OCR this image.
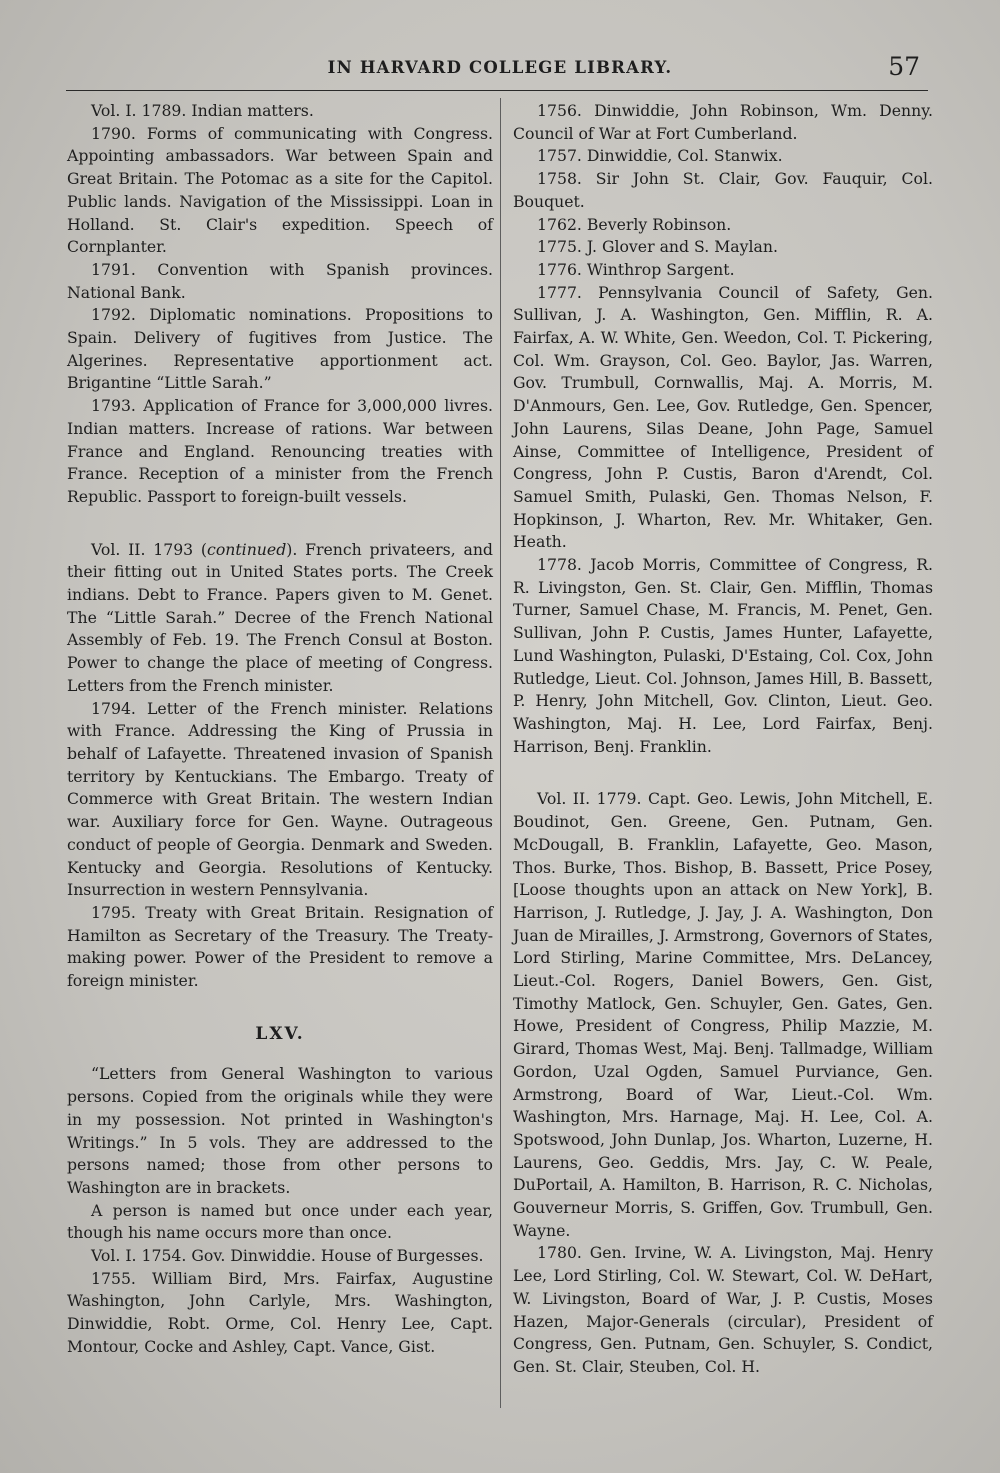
IN HARVARD COLLEGE LIBRARY.	57

Vol. I. 1789. Indian matters.

1790. Forms of communicating with Congress. Appointing ambassadors. War between Spain and Great Britain. The Potomac as a site for the Capitol. Public lands. Navigation of the Mississippi. Loan in Holland. St. Clair's expedition. Speech of Cornplanter.

1791. Convention with Spanish provinces. National Bank.

1792. Diplomatic nominations. Propositions to Spain. Delivery of fugitives from Justice. The Algerines. Representative apportionment act. Brigantine “Little Sarah.”

1793. Application of France for 3,000,000 livres. Indian matters. Increase of rations. War between France and England. Renouncing treaties with France. Reception of a minister from the French Republic. Passport to foreign-built vessels.

Vol. II. 1793 (continued). French privateers, and their fitting out in United States ports. The Creek indians. Debt to France. Papers given to M. Genet. The “Little Sarah.” Decree of the French National Assembly of Feb. 19. The French Consul at Boston. Power to change the place of meeting of Congress. Letters from the French minister.

1794. Letter of the French minister. Relations with France. Addressing the King of Prussia in behalf of Lafayette. Threatened invasion of Spanish territory by Kentuckians. The Embargo. Treaty of Commerce with Great Britain. The western Indian war. Auxiliary force for Gen. Wayne. Outrageous conduct of people of Georgia. Denmark and Sweden. Kentucky and Georgia. Resolutions of Kentucky. Insurrection in western Pennsylvania.

1795. Treaty with Great Britain. Resignation of Hamilton as Secretary of the Treasury. The Treaty-making power. Power of the President to remove a foreign minister.

LXV.

“Letters from General Washington to various persons. Copied from the originals while they were in my possession. Not printed in Washington's Writings.” In 5 vols. They are addressed to the persons named; those from other persons to Washington are in brackets.

A person is named but once under each year, though his name occurs more than once.

Vol. I. 1754. Gov. Dinwiddie. House of Burgesses.

1755. William Bird, Mrs. Fairfax, Augustine Washington, John Carlyle, Mrs. Washington, Dinwiddie, Robt. Orme, Col. Henry Lee, Capt. Montour, Cocke and Ashley, Capt. Vance, Gist.

1756. Dinwiddie, John Robinson, Wm. Denny. Council of War at Fort Cumberland.

1757. Dinwiddie, Col. Stanwix.

1758. Sir John St. Clair, Gov. Fauquir, Col. Bouquet.

1762. Beverly Robinson.

1775. J. Glover and S. Maylan.

1776. Winthrop Sargent.

1777. Pennsylvania Council of Safety, Gen. Sullivan, J. A. Washington, Gen. Mifflin, R. A. Fairfax, A. W. White, Gen. Weedon, Col. T. Pickering, Col. Wm. Grayson, Col. Geo. Baylor, Jas. Warren, Gov. Trumbull, Cornwallis, Maj. A. Morris, M. D'Anmours, Gen. Lee, Gov. Rutledge, Gen. Spencer, John Laurens, Silas Deane, John Page, Samuel Ainse, Committee of Intelligence, President of Congress, John P. Custis, Baron d'Arendt, Col. Samuel Smith, Pulaski, Gen. Thomas Nelson, F. Hopkinson, J. Wharton, Rev. Mr. Whitaker, Gen. Heath.

1778. Jacob Morris, Committee of Congress, R. R. Livingston, Gen. St. Clair, Gen. Mifflin, Thomas Turner, Samuel Chase, M. Francis, M. Penet, Gen. Sullivan, John P. Custis, James Hunter, Lafayette, Lund Washington, Pulaski, D'Estaing, Col. Cox, John Rutledge, Lieut. Col. Johnson, James Hill, B. Bassett, P. Henry, John Mitchell, Gov. Clinton, Lieut. Geo. Washington, Maj. H. Lee, Lord Fairfax, Benj. Harrison, Benj. Franklin.

Vol. II. 1779. Capt. Geo. Lewis, John Mitchell, E. Boudinot, Gen. Greene, Gen. Putnam, Gen. McDougall, B. Franklin, Lafayette, Geo. Mason, Thos. Burke, Thos. Bishop, B. Bassett, Price Posey, [Loose thoughts upon an attack on New York], B. Harrison, J. Rutledge, J. Jay, J. A. Washington, Don Juan de Mirailles, J. Armstrong, Governors of States, Lord Stirling, Marine Committee, Mrs. DeLancey, Lieut.-Col. Rogers, Daniel Bowers, Gen. Gist, Timothy Matlock, Gen. Schuyler, Gen. Gates, Gen. Howe, President of Congress, Philip Mazzie, M. Girard, Thomas West, Maj. Benj. Tallmadge, William Gordon, Uzal Ogden, Samuel Purviance, Gen. Armstrong, Board of War, Lieut.-Col. Wm. Washington, Mrs. Harnage, Maj. H. Lee, Col. A. Spotswood, John Dunlap, Jos. Wharton, Luzerne, H. Laurens, Geo. Geddis, Mrs. Jay, C. W. Peale, DuPortail, A. Hamilton, B. Harrison, R. C. Nicholas, Gouverneur Morris, S. Griffen, Gov. Trumbull, Gen. Wayne.

1780. Gen. Irvine, W. A. Livingston, Maj. Henry Lee, Lord Stirling, Col. W. Stewart, Col. W. DeHart, W. Livingston, Board of War, J. P. Custis, Moses Hazen, Major-Generals (circular), President of Congress, Gen. Putnam, Gen. Schuyler, S. Condict, Gen. St. Clair, Steuben, Col. H.
